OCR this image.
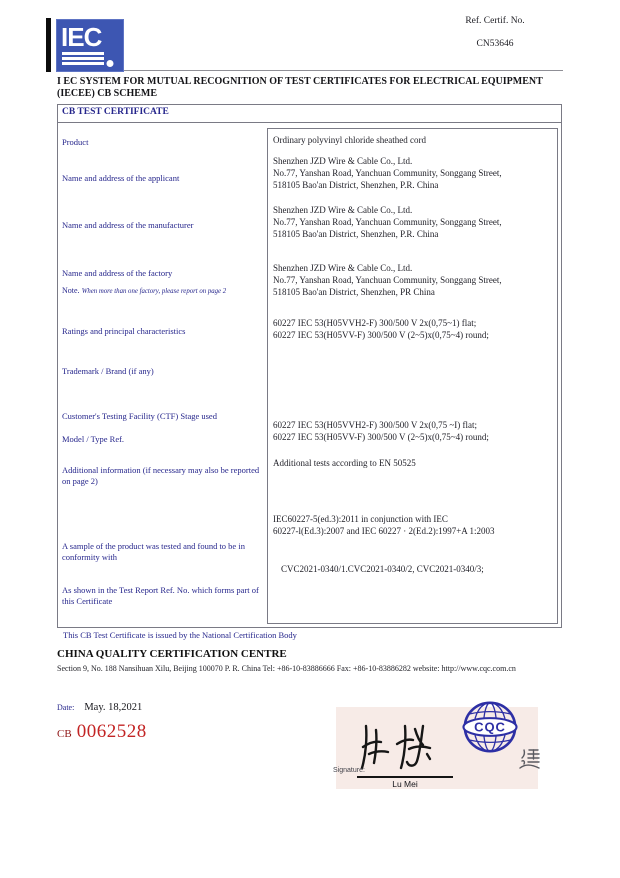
IEC
Ref. Certif. No.
CN53646
I EC SYSTEM FOR MUTUAL RECOGNITION OF TEST CERTIFICATES FOR ELECTRICAL EQUIPMENT
(IECEE) CB SCHEME
CB TEST CERTIFICATE
Ordinary polyvinyl chloride sheathed cord
Shenzhen JZD Wire & Cable Co., Ltd.
No.77, Yanshan Road, Yanchuan Community, Songgang Street,
518105 Bao'an District, Shenzhen, P.R. China
Shenzhen JZD Wire & Cable Co., Ltd.
No.77, Yanshan Road, Yanchuan Community, Songgang Street,
518105 Bao'an District, Shenzhen, P.R. China
Shenzhen JZD Wire & Cable Co., Ltd.
No.77, Yanshan Road, Yanchuan Community, Songgang Street,
518105 Bao'an District, Shenzhen, PR China
60227 IEC 53(H05VVH2-F) 300/500 V 2x(0,75~1) flat;
60227 IEC 53(H05VV-F) 300/500 V (2~5)x(0,75~4) round;
60227 IEC 53(H05VVH2-F) 300/500 V 2x(0,75 ~I) flat;
60227 IEC 53(H05VV-F) 300/500 V (2~5)x(0,75~4) round;
Additional tests according to EN 50525
IEC60227-5(ed.3):2011 in conjunction with IEC
60227-l(Ed.3):2007 and IEC 60227 · 2(Ed.2):1997+A 1:2003
CVC2021-0340/1.CVC2021-0340/2, CVC2021-0340/3;
Product
Name and address of the applicant
Name and address of the manufacturer
Name and address of the factory
Note. When more than one factory, please report on page 2
Ratings and principal characteristics
Trademark / Brand (if any)
Customer's Testing Facility (CTF) Stage used
Model / Type Ref.
Additional information (if necessary may also be reported on page 2)
A sample of the product was tested and found to be in conformity with
As shown in the Test Report Ref. No. which forms part of this Certificate
This CB Test Certificate is issued by the National Certification Body
CHINA QUALITY CERTIFICATION CENTRE
Section 9, No. 188 Nansihuan Xilu, Beijing 100070 P. R. China Tel: +86-10-83886666 Fax: +86-10-83886282 website: http://www.cqc.com.cn
Date: May. 18,2021
CB 0062528
Signature:
Lu Mei
CQC
